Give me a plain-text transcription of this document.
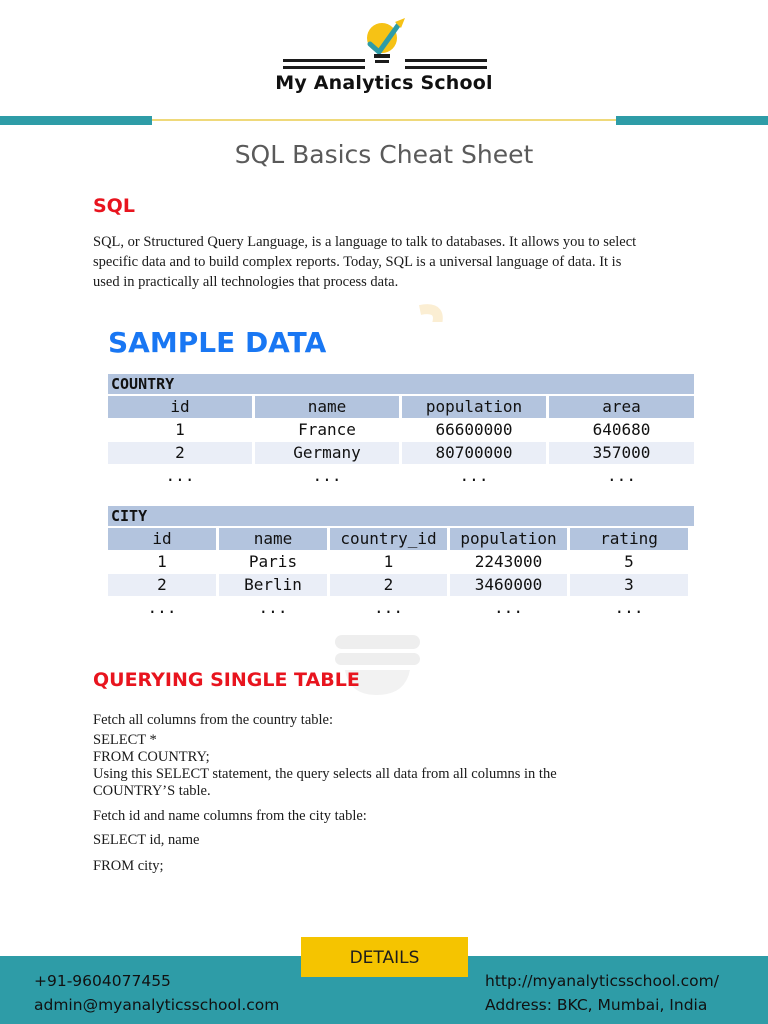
My Analytics School
SQL Basics Cheat Sheet
SQL
SQL, or Structured Query Language, is a language to talk to databases. It allows you to select
specific data and to build complex reports. Today, SQL is a universal language of data. It is
used in practically all technologies that process data.
SAMPLE DATA
COUNTRY
id	name	population	area
1	France	66600000	640680
2	Germany	80700000	357000
...	...	...	...
CITY
id	name	country_id	population	rating
1	Paris	1	2243000	5
2	Berlin	2	3460000	3
...	...	...	...	...
QUERYING SINGLE TABLE
Fetch all columns from the country table:
SELECT *
FROM COUNTRY;
Using this SELECT statement, the query selects all data from all columns in the
COUNTRY’S table.
Fetch id and name columns from the city table:
SELECT id, name
FROM city;
DETAILS
+91-9604077455
admin@myanalyticsschool.com
http://myanalyticsschool.com/
Address: BKC, Mumbai, India
